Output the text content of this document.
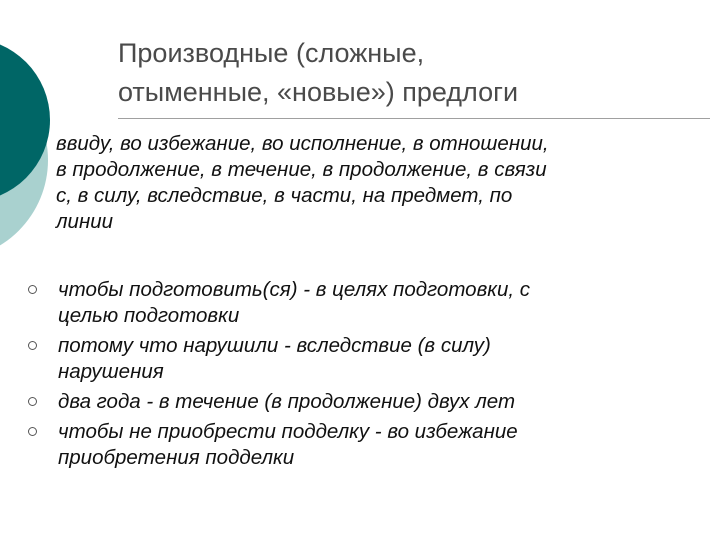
Производные (сложные,
отыменные, «новые») предлоги
ввиду, во избежание, во исполнение, в отношении,
в продолжение, в течение, в продолжение, в связи
с, в силу, вследствие, в части, на предмет, по
линии
чтобы подготовить(ся) - в целях подготовки, с
целью подготовки
потому что нарушили - вследствие (в силу)
нарушения
два года - в течение (в продолжение) двух лет
чтобы не приобрести подделку - во избежание
приобретения подделки
